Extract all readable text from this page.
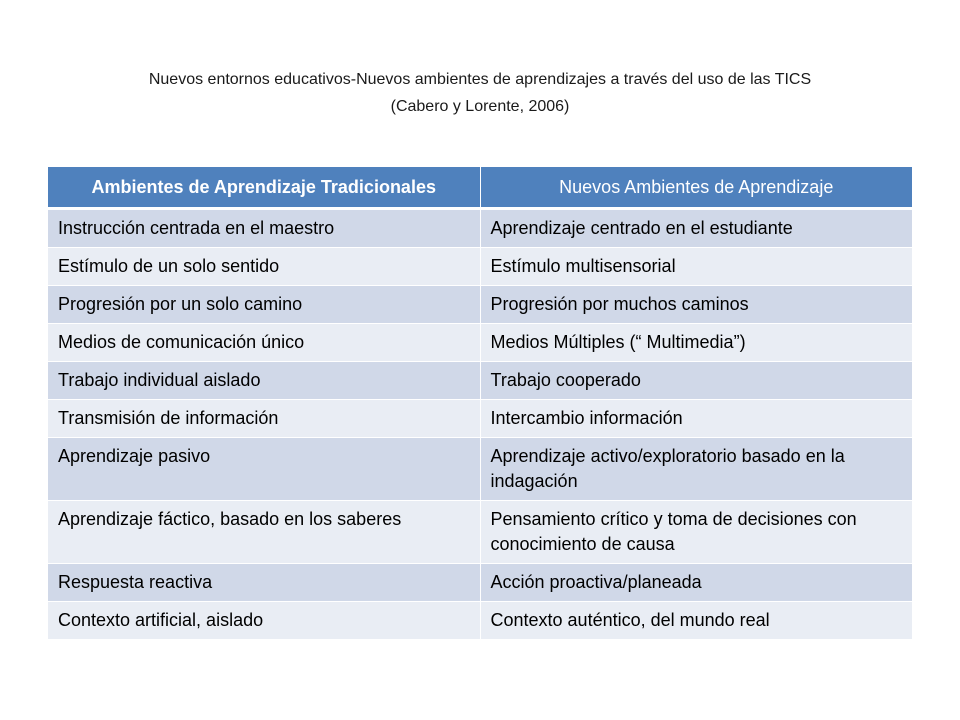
Nuevos entornos educativos-Nuevos ambientes de aprendizajes a través del uso de las TICS
(Cabero y Lorente, 2006)
Ambientes de Aprendizaje Tradicionales	Nuevos Ambientes de Aprendizaje
Instrucción centrada en el maestro	Aprendizaje centrado en el estudiante
Estímulo de un solo sentido	Estímulo multisensorial
Progresión por un solo camino	Progresión por muchos caminos
Medios de comunicación único	Medios Múltiples (“ Multimedia”)
Trabajo individual aislado	Trabajo cooperado
Transmisión de información	Intercambio información
Aprendizaje pasivo	Aprendizaje activo/exploratorio basado en la indagación
Aprendizaje fáctico, basado en los saberes	Pensamiento crítico y toma de decisiones con conocimiento de causa
Respuesta reactiva	Acción proactiva/planeada
Contexto artificial, aislado	Contexto auténtico, del mundo real
